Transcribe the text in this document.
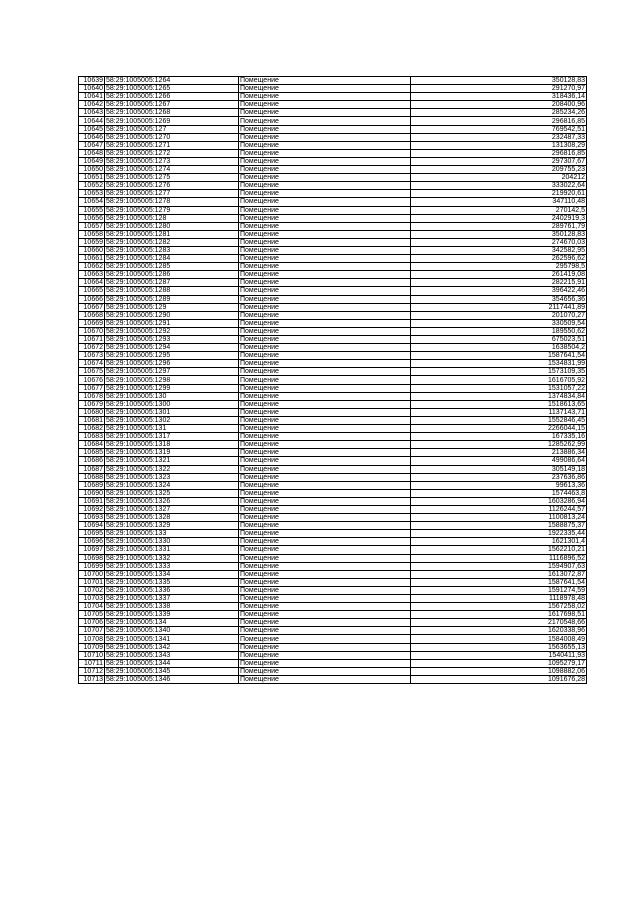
10639	58:29:1005005:1264	Помещение	350128,83
10640	58:29:1005005:1265	Помещение	291270,97
10641	58:29:1005005:1266	Помещение	318436,14
10642	58:29:1005005:1267	Помещение	208400,96
10643	58:29:1005005:1268	Помещение	285234,26
10644	58:29:1005005:1269	Помещение	296816,85
10645	58:29:1005005:127	Помещение	769542,51
10646	58:29:1005005:1270	Помещение	232487,33
10647	58:29:1005005:1271	Помещение	131308,29
10648	58:29:1005005:1272	Помещение	296816,85
10649	58:29:1005005:1273	Помещение	297307,67
10650	58:29:1005005:1274	Помещение	209755,23
10651	58:29:1005005:1275	Помещение	204212
10652	58:29:1005005:1276	Помещение	333022,64
10653	58:29:1005005:1277	Помещение	219920,61
10654	58:29:1005005:1278	Помещение	347110,48
10655	58:29:1005005:1279	Помещение	270142,5
10656	58:29:1005005:128	Помещение	2402919,3
10657	58:29:1005005:1280	Помещение	289761,79
10658	58:29:1005005:1281	Помещение	350128,83
10659	58:29:1005005:1282	Помещение	274670,03
10660	58:29:1005005:1283	Помещение	342582,95
10661	58:29:1005005:1284	Помещение	262596,62
10662	58:29:1005005:1285	Помещение	295798,5
10663	58:29:1005005:1286	Помещение	261419,08
10664	58:29:1005005:1287	Помещение	282215,91
10665	58:29:1005005:1288	Помещение	396422,46
10666	58:29:1005005:1289	Помещение	354656,36
10667	58:29:1005005:129	Помещение	2117441,89
10668	58:29:1005005:1290	Помещение	201070,27
10669	58:29:1005005:1291	Помещение	330509,54
10670	58:29:1005005:1292	Помещение	189550,62
10671	58:29:1005005:1293	Помещение	675023,51
10672	58:29:1005005:1294	Помещение	1638504,2
10673	58:29:1005005:1295	Помещение	1587641,54
10674	58:29:1005005:1296	Помещение	1534831,99
10675	58:29:1005005:1297	Помещение	1573109,35
10676	58:29:1005005:1298	Помещение	1616705,92
10677	58:29:1005005:1299	Помещение	1531057,22
10678	58:29:1005005:130	Помещение	1374834,84
10679	58:29:1005005:1300	Помещение	1518613,65
10680	58:29:1005005:1301	Помещение	1137143,71
10681	58:29:1005005:1302	Помещение	1552846,45
10682	58:29:1005005:131	Помещение	2266044,15
10683	58:29:1005005:1317	Помещение	167335,16
10684	58:29:1005005:1318	Помещение	1285262,99
10685	58:29:1005005:1319	Помещение	213886,34
10686	58:29:1005005:1321	Помещение	499086,64
10687	58:29:1005005:1322	Помещение	305149,18
10688	58:29:1005005:1323	Помещение	237636,86
10689	58:29:1005005:1324	Помещение	99613,36
10690	58:29:1005005:1325	Помещение	1574463,8
10691	58:29:1005005:1326	Помещение	1603286,94
10692	58:29:1005005:1327	Помещение	1126244,57
10693	58:29:1005005:1328	Помещение	1100813,24
10694	58:29:1005005:1329	Помещение	1588875,37
10695	58:29:1005005:133	Помещение	1922335,44
10696	58:29:1005005:1330	Помещение	1621301,4
10697	58:29:1005005:1331	Помещение	1562210,21
10698	58:29:1005005:1332	Помещение	1116896,52
10699	58:29:1005005:1333	Помещение	1594907,63
10700	58:29:1005005:1334	Помещение	1613072,87
10701	58:29:1005005:1335	Помещение	1587641,54
10702	58:29:1005005:1336	Помещение	1591274,59
10703	58:29:1005005:1337	Помещение	1118978,48
10704	58:29:1005005:1338	Помещение	1567258,02
10705	58:29:1005005:1339	Помещение	1617698,51
10706	58:29:1005005:134	Помещение	2170548,66
10707	58:29:1005005:1340	Помещение	1620338,96
10708	58:29:1005005:1341	Помещение	1584008,49
10709	58:29:1005005:1342	Помещение	1563655,13
10710	58:29:1005005:1343	Помещение	1540411,93
10711	58:29:1005005:1344	Помещение	1095279,17
10712	58:29:1005005:1345	Помещение	1098882,06
10713	58:29:1005005:1346	Помещение	1091676,28
